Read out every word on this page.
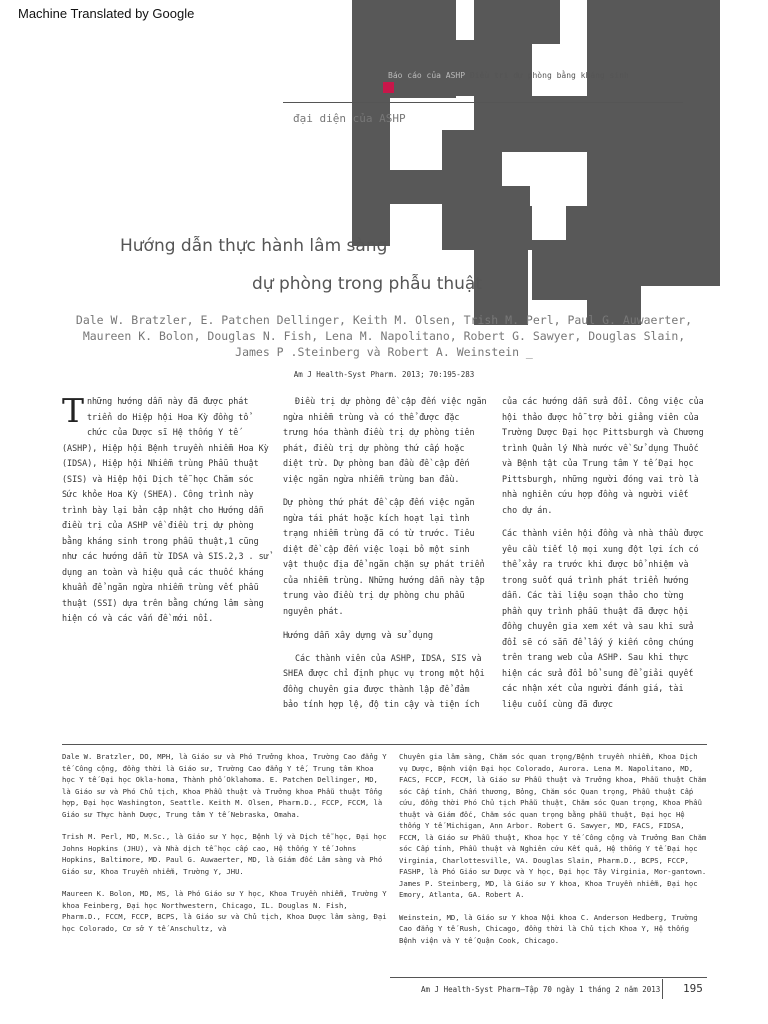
Machine Translated by Google
Báo cáo của ASHP Điều trị dự phòng bằng kháng sinh
đại diện của ASHP
Hướng dẫn thực hành lâm sàng
dự phòng trong phẫu thuật
Dale W. Bratzler, E. Patchen Dellinger, Keith M. Olsen, Trish M. Perl, Paul G. Auwaerter,
Maureen K. Bolon, Douglas N. Fish, Lena M. Napolitano, Robert G. Sawyer, Douglas Slain,
James P .Steinberg và Robert A. Weinstein _
Am J Health-Syst Pharm. 2013; 70:195-283
T những hướng dẫn này đã được phát triển do Hiệp hội Hoa Kỳ đồng tổ chức của Dược sĩ Hệ thống Y tế (ASHP), Hiệp hội Bệnh truyền nhiễm Hoa Kỳ (IDSA), Hiệp hội Nhiễm trùng Phẫu thuật (SIS) và Hiệp hội Dịch tễ học Chăm sóc Sức khỏe Hoa Kỳ (SHEA). Công trình này trình bày lại bản cập nhật cho Hướng dẫn điều trị của ASHP về điều trị dự phòng bằng kháng sinh trong phẫu thuật,1 cũng như các hướng dẫn từ IDSA và SIS.2,3 . sử dụng an toàn và hiệu quả các thuốc kháng khuẩn để ngăn ngừa nhiễm trùng vết phẫu thuật (SSI) dựa trên bằng chứng lâm sàng hiện có và các vấn đề mới nổi.

Điều trị dự phòng đề cập đến việc ngăn ngừa nhiễm trùng và có thể được đặc trưng hóa thành điều trị dự phòng tiên phát, điều trị dự phòng thứ cấp hoặc diệt trừ. Dự phòng ban đầu đề cập đến việc ngăn ngừa nhiễm trùng ban đầu.

Dự phòng thứ phát đề cập đến việc ngăn ngừa tái phát hoặc kích hoạt lại tình trạng nhiễm trùng đã có từ trước. Tiêu diệt đề cập đến việc loại bỏ một sinh vật thuộc địa để ngăn chặn sự phát triển của nhiễm trùng. Những hướng dẫn này tập trung vào điều trị dự phòng chu phẫu nguyên phát.

Hướng dẫn xây dựng và sử dụng

Các thành viên của ASHP, IDSA, SIS và SHEA được chỉ định phục vụ trong một hội đồng chuyên gia được thành lập để đảm bảo tính hợp lệ, độ tin cậy và tiện ích

của các hướng dẫn sửa đổi. Công việc của hội thảo được hỗ trợ bởi giảng viên của Trường Dược Đại học Pittsburgh và Chương trình Quản lý Nhà nước về Sử dụng Thuốc và Bệnh tật của Trung tâm Y tế Đại học Pittsburgh, những người đóng vai trò là nhà nghiên cứu hợp đồng và người viết cho dự án.

Các thành viên hội đồng và nhà thầu được yêu cầu tiết lộ mọi xung đột lợi ích có thể xảy ra trước khi được bổ nhiệm và trong suốt quá trình phát triển hướng dẫn. Các tài liệu soạn thảo cho từng phần quy trình phẫu thuật đã được hội đồng chuyên gia xem xét và sau khi sửa đổi sẽ có sẵn để lấy ý kiến công chúng trên trang web của ASHP. Sau khi thực hiện các sửa đổi bổ sung để giải quyết các nhận xét của người đánh giá, tài liệu cuối cùng đã được

Dale W. Bratzler, DO, MPH, là Giáo sư và Phó Trưởng khoa, Trường Cao đẳng Y tế Công cộng, đồng thời là Giáo sư, Trường Cao đẳng Y tế, Trung tâm Khoa học Y tế Đại học Okla-homa, Thành phố Oklahoma. E. Patchen Dellinger, MD, là Giáo sư và Phó Chủ tịch, Khoa Phẫu thuật và Trưởng khoa Phẫu thuật Tổng hợp, Đại học Washington, Seattle. Keith M. Olsen, Pharm.D., FCCP, FCCM, là Giáo sư Thực hành Dược, Trung tâm Y tế Nebraska, Omaha.

Trish M. Perl, MD, M.Sc., là Giáo sư Y học, Bệnh lý và Dịch tễ học, Đại học Johns Hopkins (JHU), và Nhà dịch tễ học cấp cao, Hệ thống Y tế Johns Hopkins, Baltimore, MD. Paul G. Auwaerter, MD, là Giám đốc Lâm sàng và Phó Giáo sư, Khoa Truyền nhiễm, Trường Y, JHU.

Maureen K. Bolon, MD, MS, là Phó Giáo sư Y học, Khoa Truyền nhiễm, Trường Y khoa Feinberg, Đại học Northwestern, Chicago, IL. Douglas N. Fish, Pharm.D., FCCM, FCCP, BCPS, là Giáo sư và Chủ tịch, Khoa Dược lâm sàng, Đại học Colorado, Cơ sở Y tế Anschultz, và

Chuyên gia lâm sàng, Chăm sóc quan trọng/Bệnh truyền nhiễm, Khoa Dịch vụ Dược, Bệnh viện Đại học Colorado, Aurora. Lena M. Napolitano, MD, FACS, FCCP, FCCM, là Giáo sư Phẫu thuật và Trưởng khoa, Phẫu thuật Chăm sóc Cấp tính, Chấn thương, Bỏng, Chăm sóc Quan trọng, Phẫu thuật Cấp cứu, đồng thời Phó Chủ tịch Phẫu thuật, Chăm sóc Quan trọng, Khoa Phẫu thuật và Giám đốc, Chăm sóc quan trọng bằng phẫu thuật, Đại học Hệ thống Y tế Michigan, Ann Arbor. Robert G. Sawyer, MD, FACS, FIDSA, FCCM, là Giáo sư Phẫu thuật, Khoa học Y tế Công cộng và Trưởng Ban Chăm sóc Cấp tính, Phẫu thuật và Nghiên cứu Kết quả, Hệ thống Y tế Đại học Virginia, Charlottesville, VA. Douglas Slain, Pharm.D., BCPS, FCCP, FASHP, là Phó Giáo sư Dược và Y học, Đại học Tây Virginia, Mor-gantown. James P. Steinberg, MD, là Giáo sư Y khoa, Khoa Truyền nhiễm, Đại học Emory, Atlanta, GA. Robert A.

Weinstein, MD, là Giáo sư Y khoa Nội khoa C. Anderson Hedberg, Trường Cao đẳng Y tế Rush, Chicago, đồng thời là Chủ tịch Khoa Y, Hệ thống Bệnh viện và Y tế Quận Cook, Chicago.

Am J Health-Syst Pharm—Tập 70 ngày 1 tháng 2 năm 2013 195
